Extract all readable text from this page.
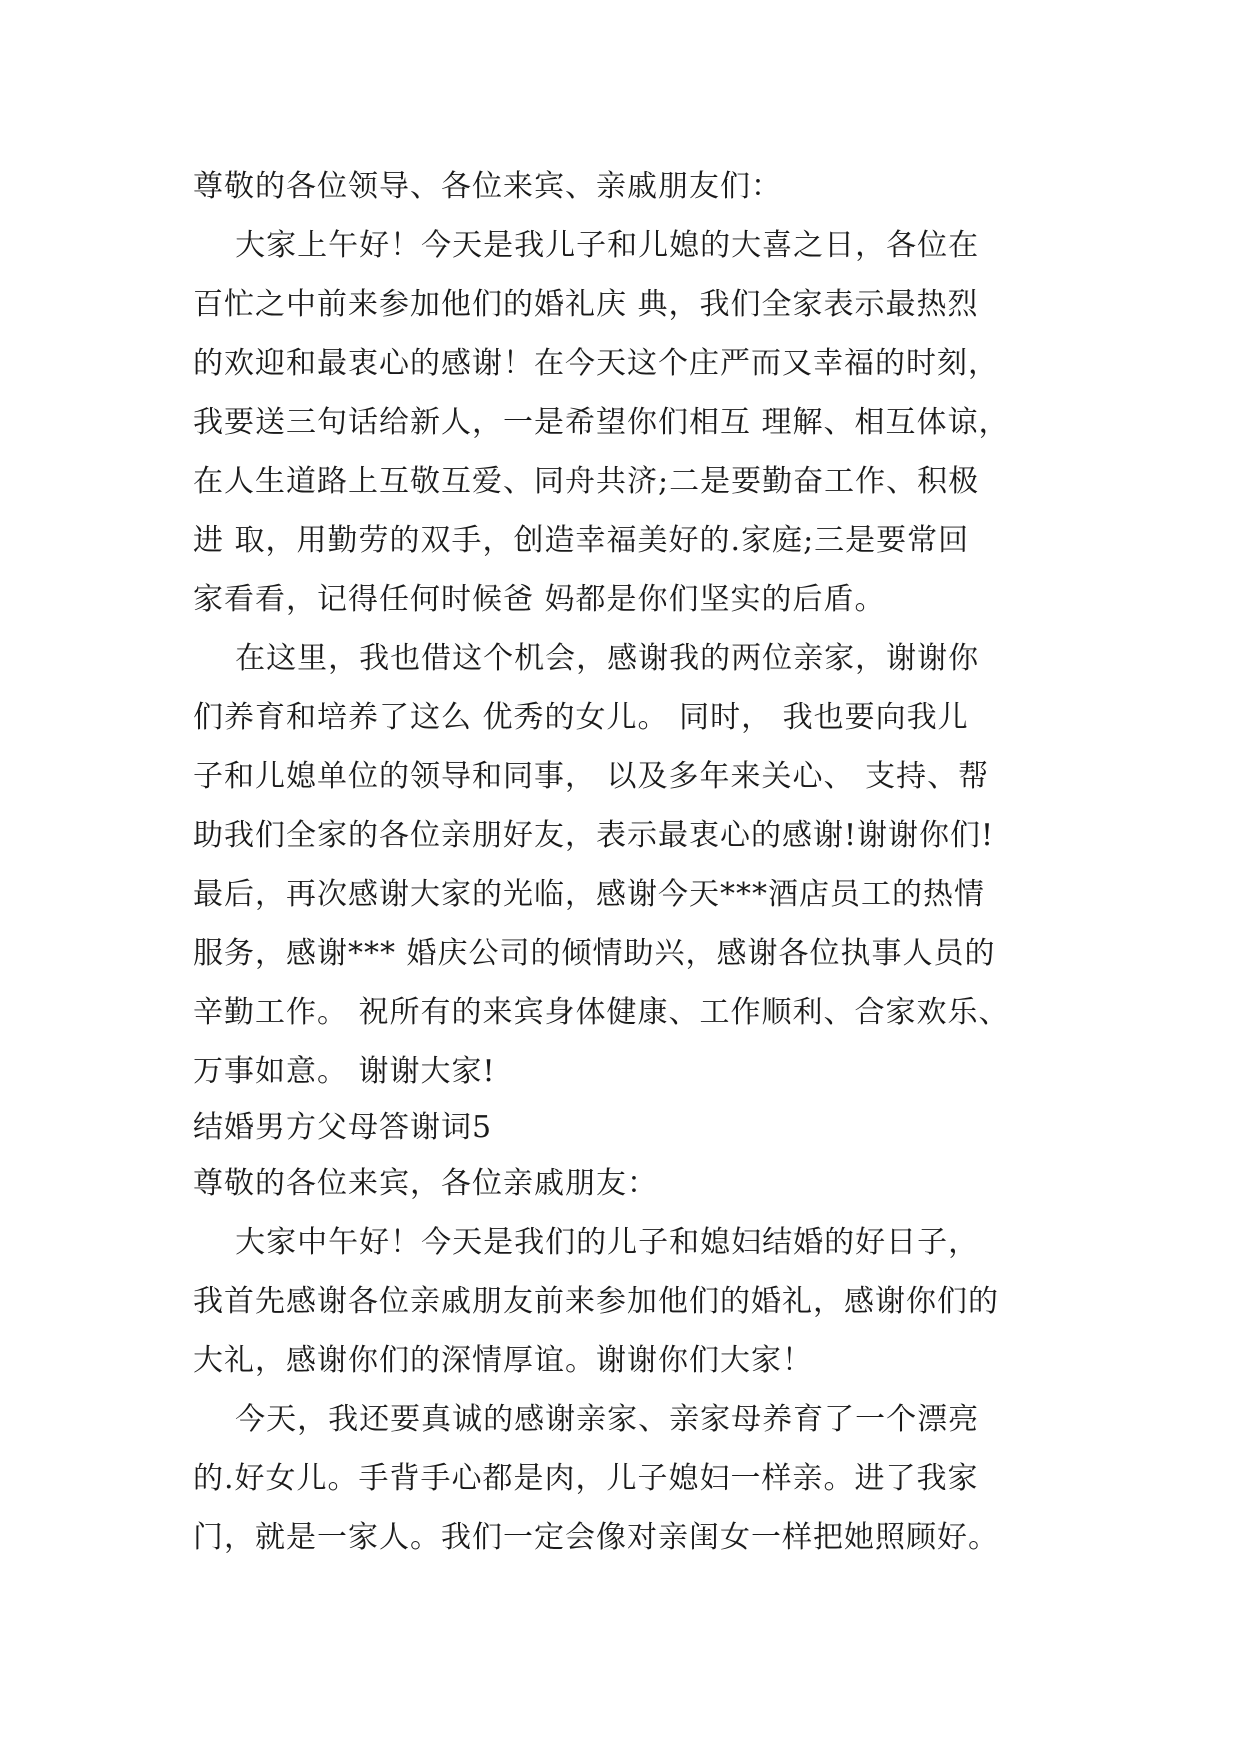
尊敬的各位领导、各位来宾、亲戚朋友们：
大家上午好！今天是我儿子和儿媳的大喜之日，各位在
百忙之中前来参加他们的婚礼庆 典，我们全家表示最热烈
的欢迎和最衷心的感谢！在今天这个庄严而又幸福的时刻，
我要送三句话给新人，一是希望你们相互 理解、相互体谅，
在人生道路上互敬互爱、同舟共济;二是要勤奋工作、积极
进 取，用勤劳的双手，创造幸福美好的.家庭;三是要常回
家看看，记得任何时候爸 妈都是你们坚实的后盾。
在这里，我也借这个机会，感谢我的两位亲家，谢谢你
们养育和培养了这么 优秀的女儿。 同时， 我也要向我儿
子和儿媳单位的领导和同事， 以及多年来关心、 支持、帮
助我们全家的各位亲朋好友，表示最衷心的感谢!谢谢你们!
最后，再次感谢大家的光临，感谢今天***酒店员工的热情
服务，感谢*** 婚庆公司的倾情助兴，感谢各位执事人员的
辛勤工作。 祝所有的来宾身体健康、工作顺利、合家欢乐、
万事如意。 谢谢大家!
结婚男方父母答谢词5
尊敬的各位来宾，各位亲戚朋友：
大家中午好！今天是我们的儿子和媳妇结婚的好日子，
我首先感谢各位亲戚朋友前来参加他们的婚礼，感谢你们的
大礼，感谢你们的深情厚谊。谢谢你们大家！
今天，我还要真诚的感谢亲家、亲家母养育了一个漂亮
的.好女儿。手背手心都是肉，儿子媳妇一样亲。进了我家
门，就是一家人。我们一定会像对亲闺女一样把她照顾好。
